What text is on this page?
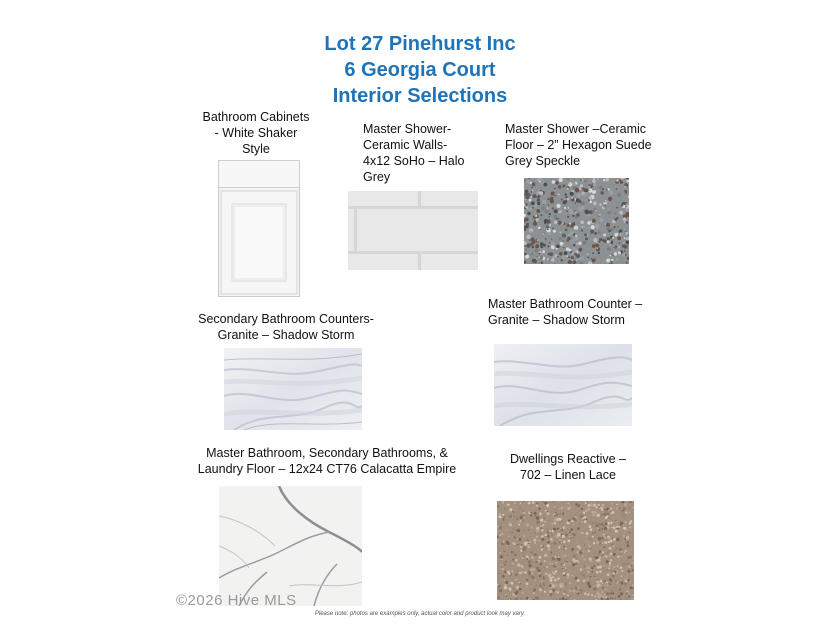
Lot 27 Pinehurst Inc
6 Georgia Court
Interior Selections
Bathroom Cabinets
- White Shaker
Style
Master Shower-
Ceramic Walls-
4x12 SoHo – Halo
Grey
Master Shower –Ceramic
Floor – 2” Hexagon Suede
Grey Speckle
Secondary Bathroom Counters-
Granite – Shadow Storm
Master Bathroom Counter –
Granite – Shadow Storm
Master Bathroom, Secondary Bathrooms, &
Laundry Floor – 12x24 CT76 Calacatta Empire
Dwellings Reactive –
702 – Linen Lace
Please note: photos are examples only, actual color and product look may vary.
©2026 Hive MLS
